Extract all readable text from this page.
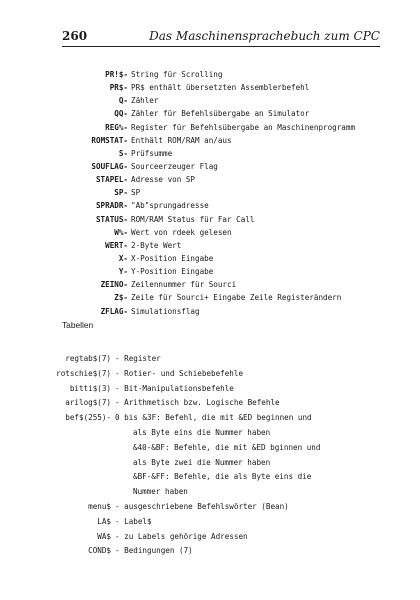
260	Das Maschinensprachebuch zum CPC
PR!$- String für Scrolling
PR$- PR$ enthält übersetzten Assemblerbefehl
Q- Zähler
QQ- Zähler für Befehlsübergabe an Simulator
REG%- Register für Befehlsübergabe an Maschinenprogramm
ROMSTAT- Enthält ROM/RAM an/aus
S- Prüfsumme
SOUFLAG- Sourceerzeuger Flag
STAPEL- Adresse von SP
SP- SP
SPRADR- "Ab"sprungadresse
STATUS- ROM/RAM Status für Far Call
W%- Wert von rdeek gelesen
WERT- 2-Byte Wert
X- X-Position Eingabe
Y- Y-Position Eingabe
ZEINO- Zeilennummer für Sourci
Z$- Zeile für Sourci+ Eingabe Zeile Registerändern
ZFLAG- Simulationsflag
Tabellen
regtab$(7) - Register
rotschie$(7) - Rotier- und Schiebebefehle
bitti$(3) - Bit-Manipulationsbefehle
arilog$(7) - Arithmetisch bzw. Logische Befehle
bef$(255)- 0 bis &3F: Befehl, die mit &ED beginnen und
als Byte eins die Nummer haben
&40-&BF: Befehle, die mit &ED bginnen und
als Byte zwei die Nummer haben
&BF-&FF: Befehle, die als Byte eins die
Nummer haben
menu$ - ausgeschriebene Befehlswörter (Bean)
LA$ - Label$
WA$ - zu Labels gehörige Adressen
COND$ - Bedingungen (7)
